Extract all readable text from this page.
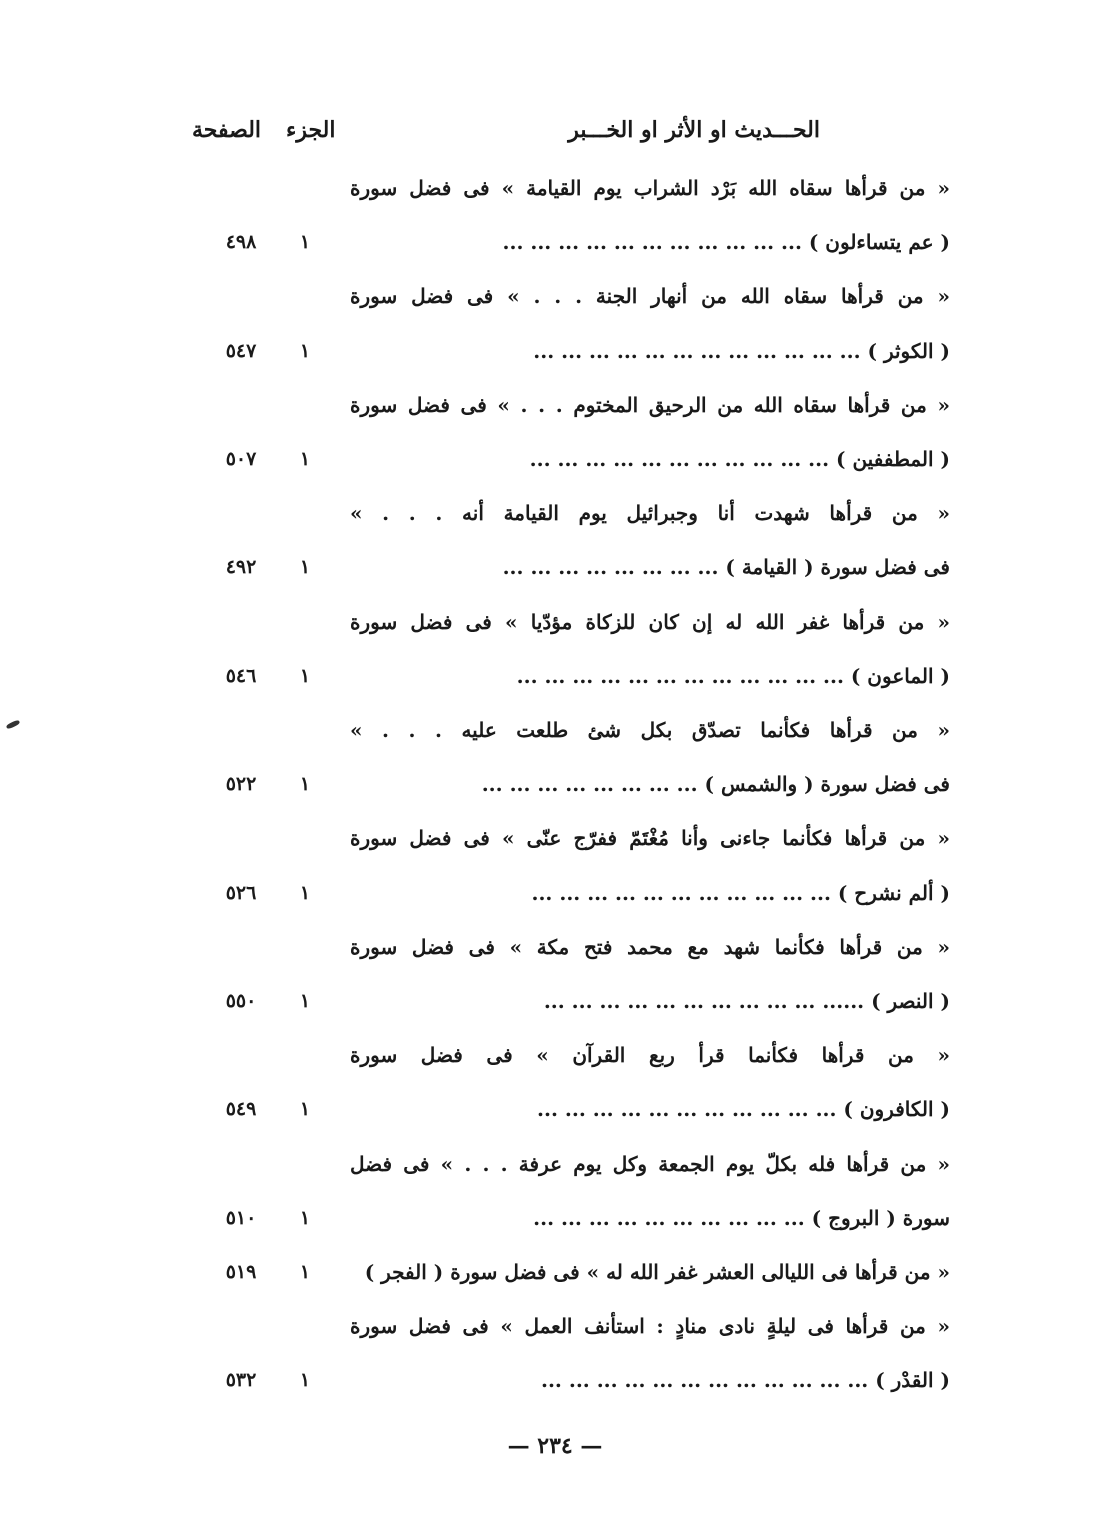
الحـــديث او الأثر او الخـــبر
الجزء
الصفحة
« من قرأها سقاه الله بَرْد الشراب يوم القيامة » فى فضل سورة
( عم يتساءلون ) ... ... ... ... ... ... ... ... ... ... ...
١
٤٩٨
« من قرأها سقاه الله من أنهار الجنة . . . » فى فضل سورة
( الكوثر ) ... ... ... ... ... ... ... ... ... ... ... ...
١
٥٤٧
« من قرأها سقاه الله من الرحيق المختوم . . . » فى فضل سورة
( المطففين ) ... ... ... ... ... ... ... ... ... ... ...
١
٥٠٧
« من قرأها شهدت أنا وجبرائيل يوم القيامة أنه . . . »
فى فضل سورة ( القيامة ) ... ... ... ... ... ... ... ...
١
٤٩٢
« من قرأها غفر الله له إن كان للزكاة مؤدّيا » فى فضل سورة
( الماعون ) ... ... ... ... ... ... ... ... ... ... ... ...
١
٥٤٦
« من قرأها فكأنما تصدّق بكل شئ طلعت عليه . . . »
فى فضل سورة ( والشمس ) ... ... ... ... ... ... ... ...
١
٥٢٢
« من قرأها فكأنما جاءنى وأنا مُغْتَمّ ففرّج عنّى » فى فضل سورة
( ألم نشرح ) ... ... ... ... ... ... ... ... ... ... ...
١
٥٢٦
« من قرأها فكأنما شهد مع محمد فتح مكة » فى فضل سورة
( النصر ) ...... ... ... ... ... ... ... ... ... ... ...
١
٥٥٠
« من قرأها فكأنما قرأ ربع القرآن » فى فضل سورة
( الكافرون ) ... ... ... ... ... ... ... ... ... ... ...
١
٥٤٩
« من قرأها فله بكلّ يوم الجمعة وكل يوم عرفة . . . » فى فضل
سورة ( البروج ) ... ... ... ... ... ... ... ... ... ...
١
٥١٠
« من قرأها فى الليالى العشر غفر الله له » فى فضل سورة ( الفجر )
١
٥١٩
« من قرأها فى ليلةٍ نادى منادٍ : استأنف العمل » فى فضل سورة
( القدْر ) ... ... ... ... ... ... ... ... ... ... ... ...
١
٥٣٢
— ٢٣٤ —
